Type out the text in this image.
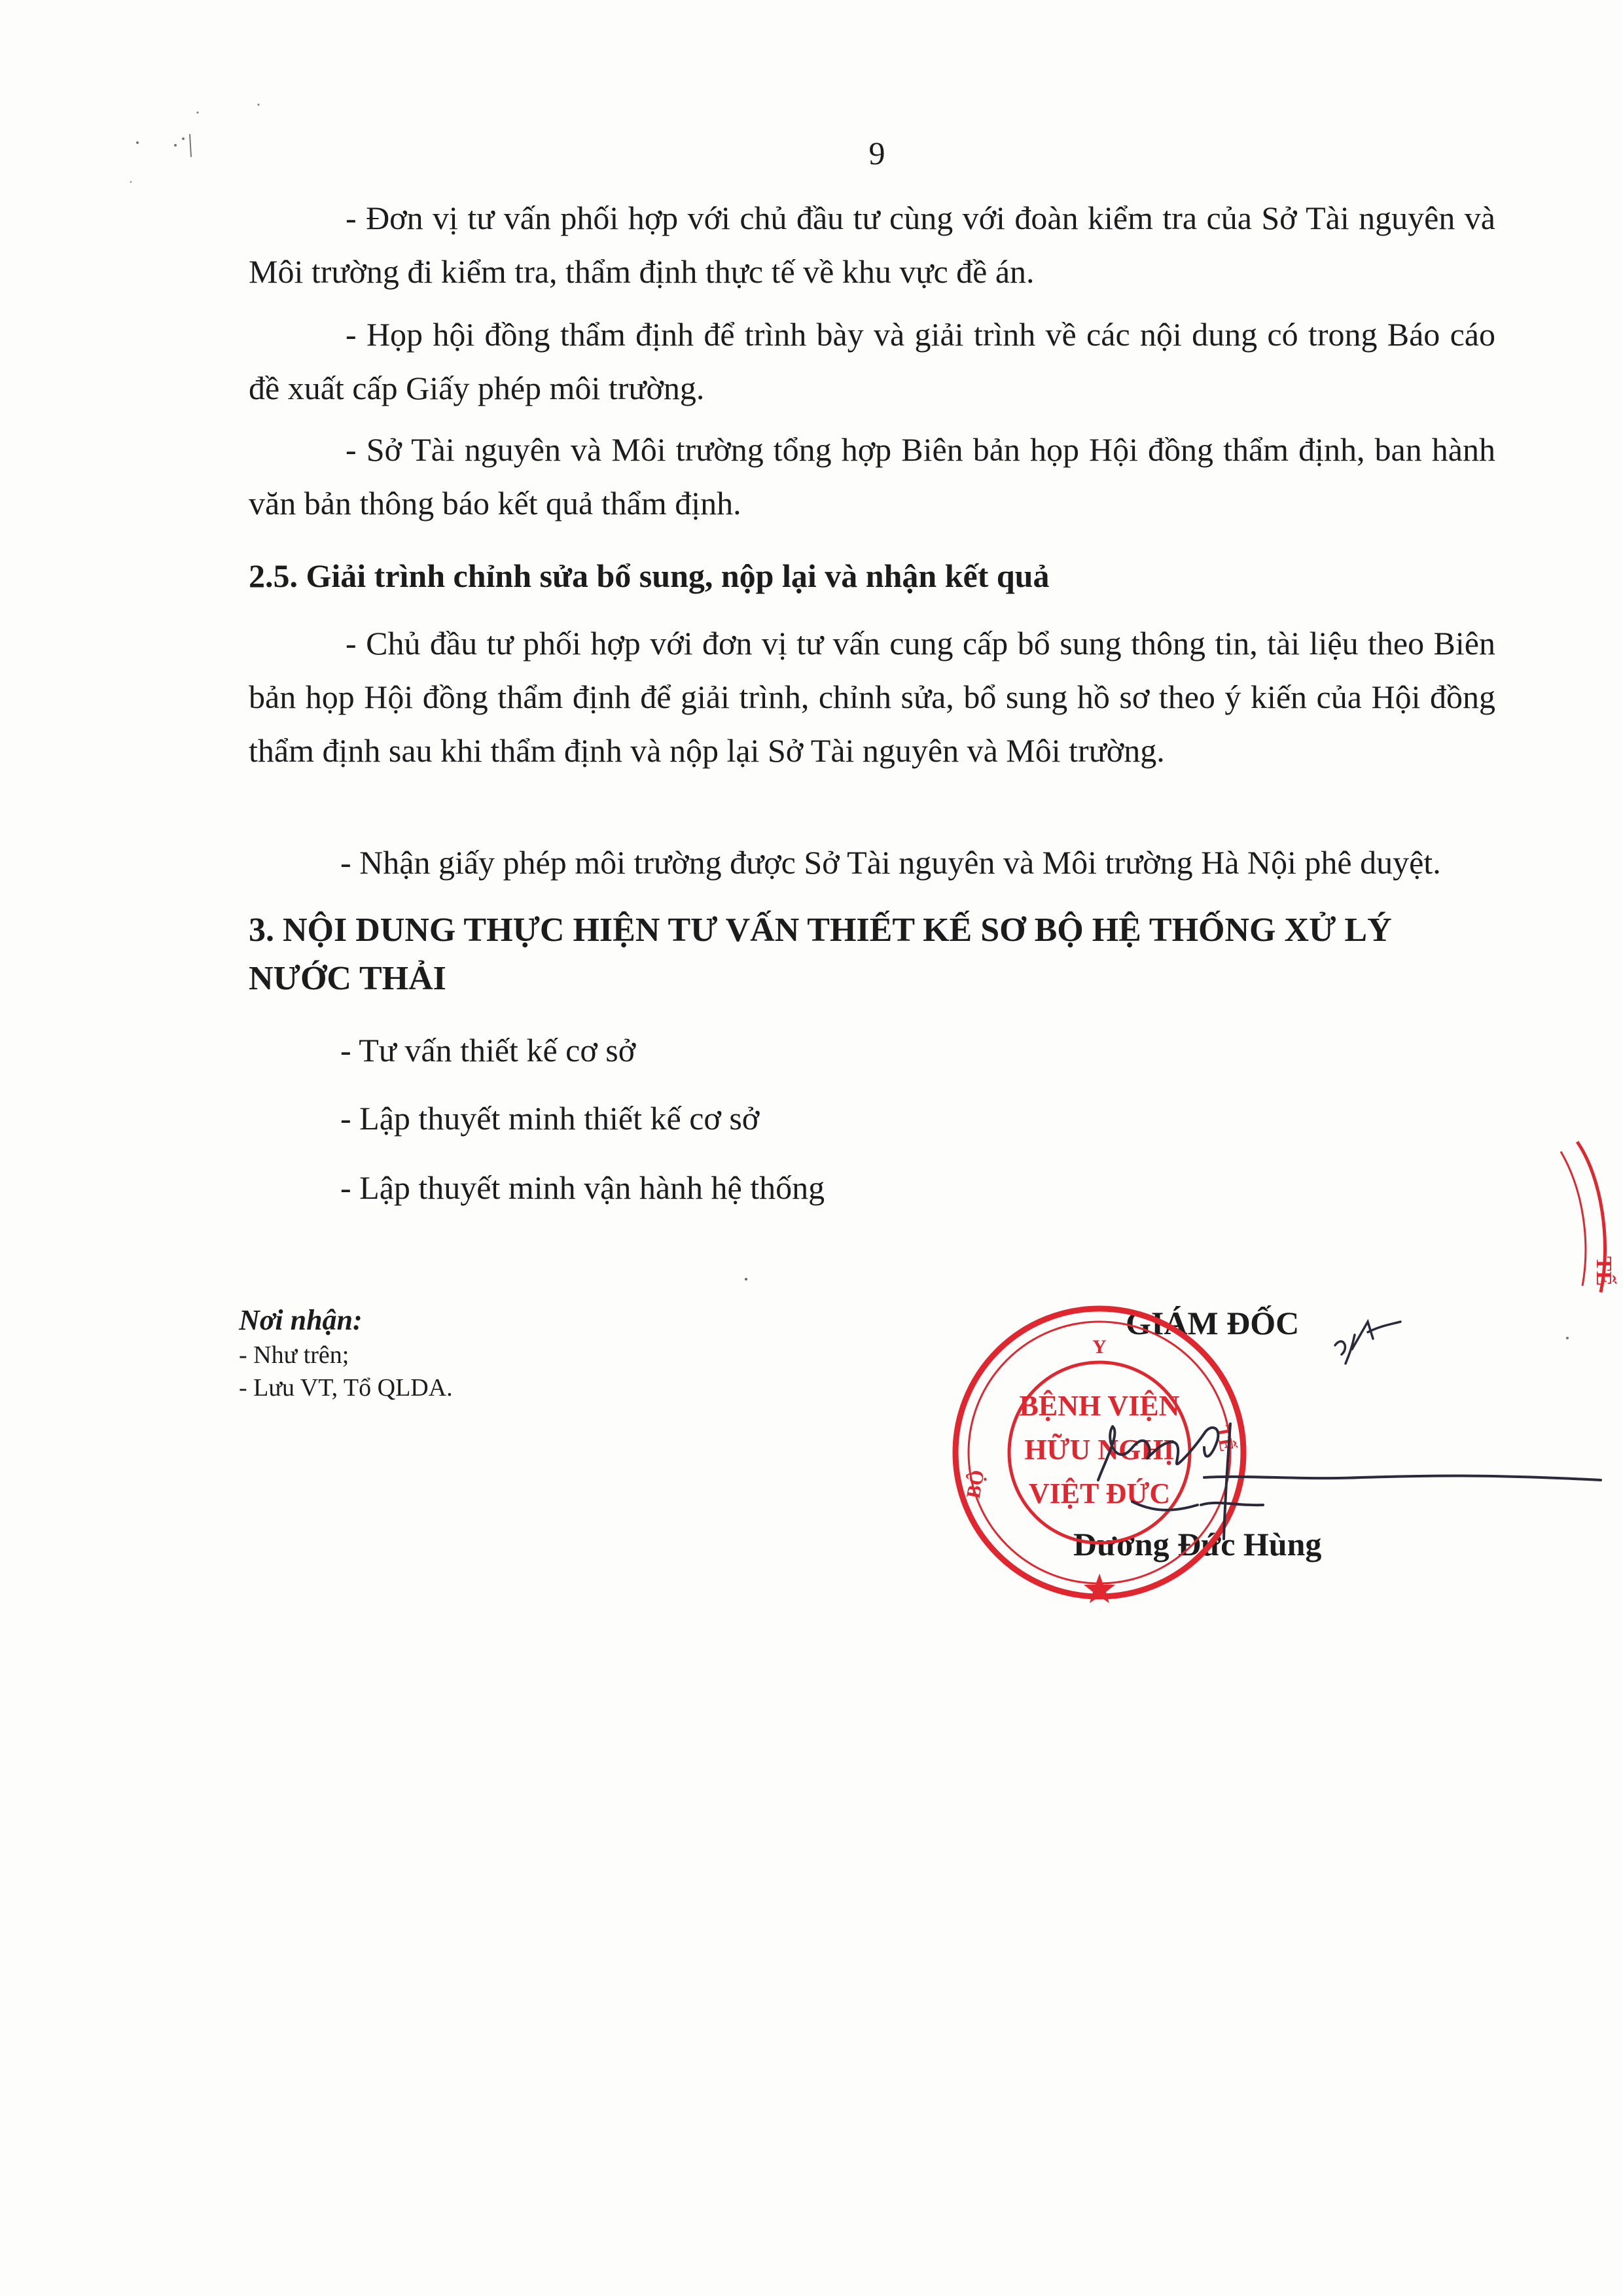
9

- Đơn vị tư vấn phối hợp với chủ đầu tư cùng với đoàn kiểm tra của Sở Tài nguyên và Môi trường đi kiểm tra, thẩm định thực tế về khu vực đề án.

- Họp hội đồng thẩm định để trình bày và giải trình về các nội dung có trong Báo cáo đề xuất cấp Giấy phép môi trường.

- Sở Tài nguyên và Môi trường tổng hợp Biên bản họp Hội đồng thẩm định, ban hành văn bản thông báo kết quả thẩm định.

2.5. Giải trình chỉnh sửa bổ sung, nộp lại và nhận kết quả

- Chủ đầu tư phối hợp với đơn vị tư vấn cung cấp bổ sung thông tin, tài liệu theo Biên bản họp Hội đồng thẩm định để giải trình, chỉnh sửa, bổ sung hồ sơ theo ý kiến của Hội đồng thẩm định sau khi thẩm định và nộp lại Sở Tài nguyên và Môi trường.

- Nhận giấy phép môi trường được Sở Tài nguyên và Môi trường Hà Nội phê duyệt.

3. NỘI DUNG THỰC HIỆN TƯ VẤN THIẾT KẾ SƠ BỘ HỆ THỐNG XỬ LÝ
NƯỚC THẢI

- Tư vấn thiết kế cơ sở

- Lập thuyết minh thiết kế cơ sở

- Lập thuyết minh vận hành hệ thống

Nơi nhận:

- Như trên;

- Lưu VT, Tổ QLDA.

GIÁM ĐỐC

Dương Đức Hùng

BỆNH VIỆN
HỮU NGHỊ
VIỆT ĐỨC
Y
BỘ
TẾ
TẾ
